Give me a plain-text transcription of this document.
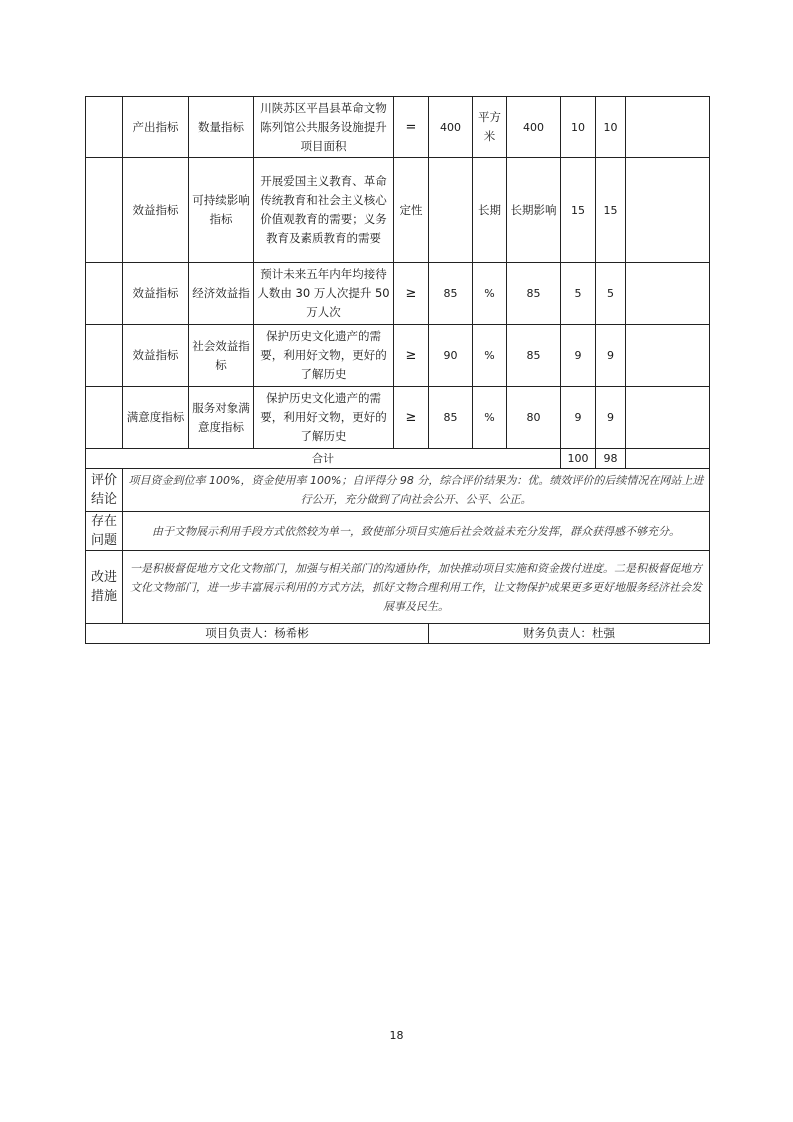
	产出指标	数量指标	川陕苏区平昌县革命文物陈列馆公共服务设施提升项目面积	=	400	平方米	400	10	10	
	效益指标	可持续影响指标	开展爱国主义教育、革命传统教育和社会主义核心价值观教育的需要；义务教育及素质教育的需要	定性		长期	长期影响	15	15	
	效益指标	经济效益指	预计未来五年内年均接待人数由 30 万人次提升 50 万人次	≥	85	%	85	5	5	
	效益指标	社会效益指标	保护历史文化遗产的需要，利用好文物，更好的了解历史	≥	90	%	85	9	9	
	满意度指标	服务对象满意度指标	保护历史文化遗产的需要，利用好文物，更好的了解历史	≥	85	%	80	9	9	
合计								100	98	
评价结论	项目资金到位率 100%，资金使用率 100%；自评得分 98 分，综合评价结果为：优。绩效评价的后续情况在网站上进行公开，充分做到了向社会公开、公平、公正。									
存在问题	由于文物展示利用手段方式依然较为单一，致使部分项目实施后社会效益未充分发挥，群众获得感不够充分。									
改进措施	一是积极督促地方文化文物部门，加强与相关部门的沟通协作，加快推动项目实施和资金拨付进度。二是积极督促地方文化文物部门，进一步丰富展示利用的方式方法，抓好文物合理利用工作，让文物保护成果更多更好地服务经济社会发展事及民生。									
项目负责人：杨希彬					财务负责人：杜强					
18
